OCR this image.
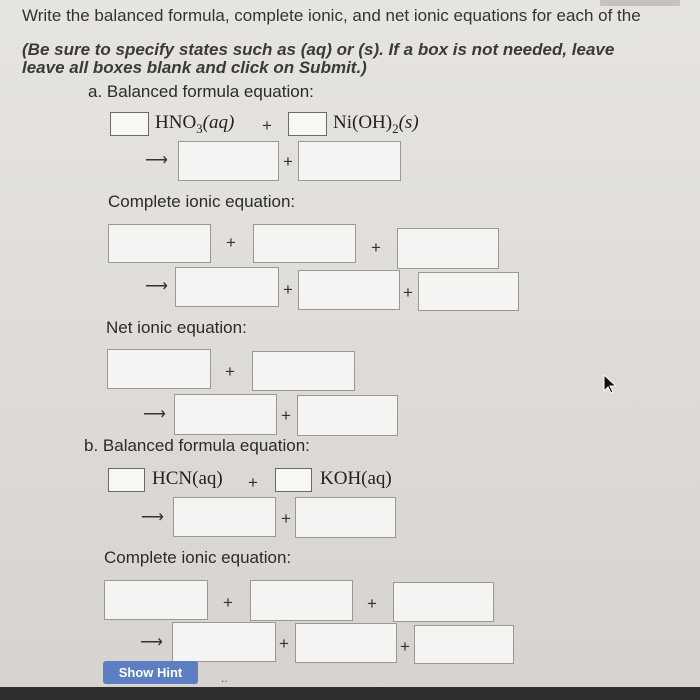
Write the balanced formula, complete ionic, and net ionic equations for each of the
(Be sure to specify states such as (aq) or (s). If a box is not needed, leave
leave all boxes blank and click on Submit.)
a. Balanced formula equation:
$HNO_3(aq)$ +	$Ni(OH)_2(s)$
⟶	+
Complete ionic equation:
+	+
⟶	+	+
Net ionic equation:
+
⟶	+
b. Balanced formula equation:
HCN(aq) +	KOH(aq)
⟶	+
Complete ionic equation:
+	+
⟶	+	+
Show Hint	..
